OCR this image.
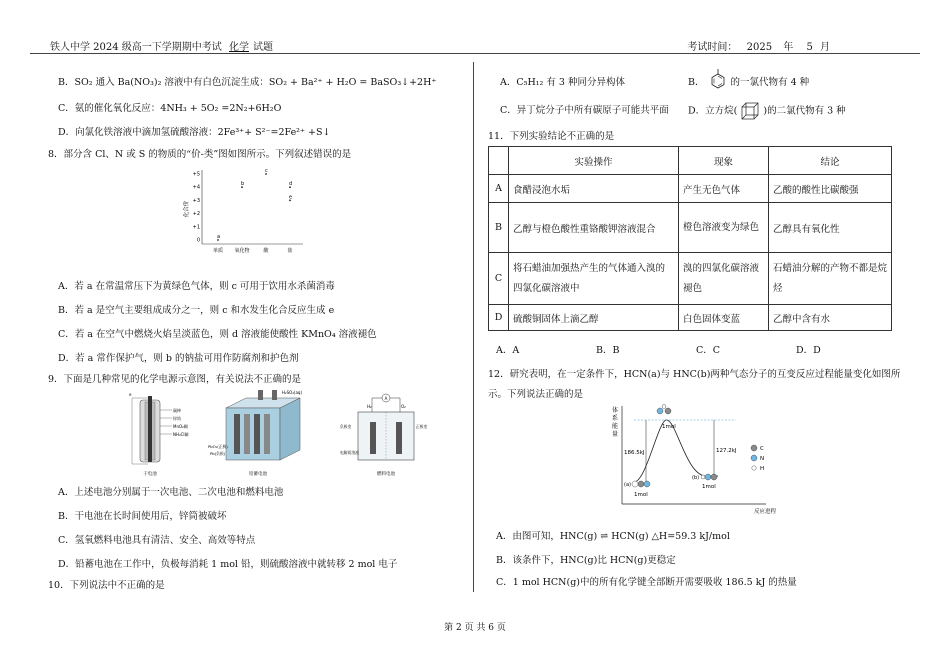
铁人中学 2024 级高一下学期期中考试 化学 试题	考试时间： 2025 年 5 月
B．SO₂ 通入 Ba(NO₃)₂ 溶液中有白色沉淀生成：SO₂ + Ba²⁺ + H₂O = BaSO₃↓+2H⁺
C．氨的催化氧化反应：4NH₃ + 5O₂ =2N₂+6H₂O
D．向氯化铁溶液中滴加氢硫酸溶液：2Fe³⁺+ S²⁻=2Fe²⁺ +S↓
8．部分含 Cl、N 或 S 的物质的“价-类”图如图所示。下列叙述错误的是
化合价
+5
+4
+3
+2
+1
0
单质 氧化物	酸	盐
a
b
c
d
e
A．若 a 在常温常压下为黄绿色气体，则 c 可用于饮用水杀菌消毒
B．若 a 是空气主要组成成分之一，则 c 和水发生化合反应生成 e
C．若 a 在空气中燃烧火焰呈淡蓝色，则 d 溶液能使酸性 KMnO₄ 溶液褪色
D．若 a 常作保护气，则 b 的钠盐可用作防腐剂和护色剂
9．下面是几种常见的化学电源示意图，有关说法不正确的是
e
碳棒
锌筒
MnO₂糊
NH₄Cl糊
干电池
H₂SO₄(aq)
PbO₂(正极)
Pb(负极)
铅蓄电池
A
H₂	O₂
负极室	正极室
电解质溶液
燃料电池
A．上述电池分别属于一次电池、二次电池和燃料电池
B．干电池在长时间使用后，锌筒被破坏
C．氢氧燃料电池具有清洁、安全、高效等特点
D．铅蓄电池在工作中，负极每消耗 1 mol 铅，则硫酸溶液中就转移 2 mol 电子
10．下列说法中不正确的是
A．C₅H₁₂ 有 3 种同分异构体	B．	的一氯代物有 4 种
C．异丁烷分子中所有碳原子可能共平面 D．立方烷(	)的二氯代物有 3 种
11．下列实验结论不正确的是
	实验操作	现象	结论
A	食醋浸泡水垢	产生无色气体	乙酸的酸性比碳酸强
B	乙醇与橙色酸性重铬酸钾溶液混合	橙色溶液变为绿色	乙醇具有氧化性
C	将石蜡油加强热产生的气体通入溴的四氯化碳溶液中	溴的四氯化碳溶液褪色	石蜡油分解的产物不都是烷烃
D	硫酸铜固体上滴乙醇	白色固体变蓝	乙醇中含有水
A．A	B．B	C．C	D．D
12．研究表明，在一定条件下，HCN(a)与 HNC(b)两种气态分子的互变反应过程能量变化如图所
示。下列说法正确的是
体
系
能
量
1mol
186.5kJ	127.2kJ
(a)
1mol
(b)
1mol
C
N
H
反应进程
A．由图可知，HNC(g) ⇌ HCN(g) △H=59.3 kJ/mol
B．该条件下，HNC(g)比 HCN(g)更稳定
C．1 mol HCN(g)中的所有化学键全部断开需要吸收 186.5 kJ 的热量
第 2 页 共 6 页
